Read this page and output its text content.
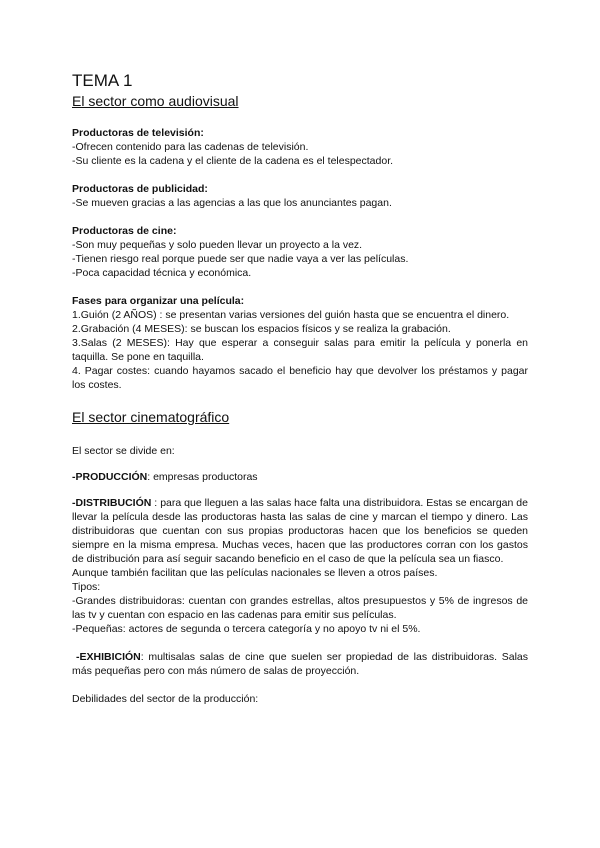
TEMA 1
El sector como audiovisual

Productoras de televisión:

-Ofrecen contenido para las cadenas de televisión.

-Su cliente es la cadena y el cliente de la cadena es el telespectador.

Productoras de publicidad:

-Se mueven gracias a las agencias a las que los anunciantes pagan.

Productoras de cine:

-Son muy pequeñas y solo pueden llevar un proyecto a la vez.

-Tienen riesgo real porque puede ser que nadie vaya a ver las películas.

-Poca capacidad técnica y económica.

Fases para organizar una película:

1.Guión (2 AÑOS) : se presentan varias versiones del guión hasta que se encuentra el dinero.

2.Grabación (4 MESES): se buscan los espacios físicos y se realiza la grabación.

3.Salas (2 MESES): Hay que esperar a conseguir salas para emitir la película y ponerla en taquilla. Se pone en taquilla.

4. Pagar costes: cuando hayamos sacado el beneficio hay que devolver los préstamos y pagar los costes.

El sector cinematográfico

El sector se divide en:

-PRODUCCIÓN: empresas productoras

-DISTRIBUCIÓN : para que lleguen a las salas hace falta una distribuidora. Estas se encargan de llevar la película desde las productoras hasta las salas de cine y marcan el tiempo y dinero. Las distribuidoras que cuentan con sus propias productoras hacen que los beneficios se queden siempre en la misma empresa. Muchas veces, hacen que las productores corran con los gastos de distribución para así seguir sacando beneficio en el caso de que la película sea un fiasco.

Aunque también facilitan que las películas nacionales se lleven a otros países.

Tipos:

-Grandes distribuidoras: cuentan con grandes estrellas, altos presupuestos y 5% de ingresos de las tv y cuentan con espacio en las cadenas para emitir sus películas.

-Pequeñas: actores de segunda o tercera categoría y no apoyo tv ni el 5%.

-EXHIBICIÓN: multisalas salas de cine que suelen ser propiedad de las distribuidoras. Salas más pequeñas pero con más número de salas de proyección.

Debilidades del sector de la producción:
